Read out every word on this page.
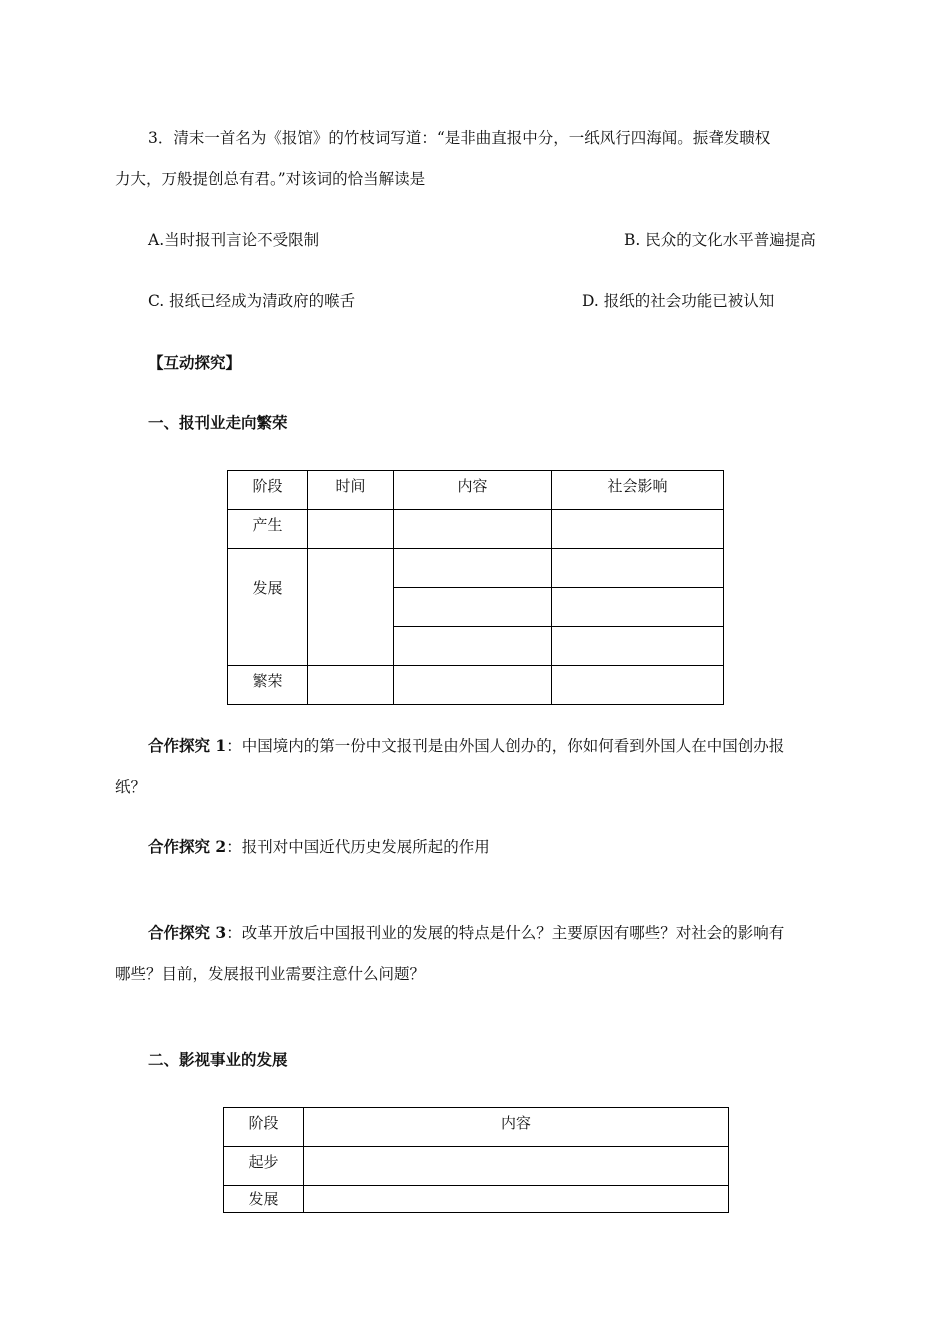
3．清末一首名为《报馆》的竹枝词写道：“是非曲直报中分，一纸风行四海闻。振聋发聩权
力大，万般提创总有君。”对该词的恰当解读是
A.当时报刊言论不受限制	B. 民众的文化水平普遍提高
C. 报纸已经成为清政府的喉舌	D. 报纸的社会功能已被认知
【互动探究】
一、报刊业走向繁荣
阶段	时间	内容	社会影响
产生			
发展			

繁荣			
合作探究 1：中国境内的第一份中文报刊是由外国人创办的，你如何看到外国人在中国创办报
纸？
合作探究 2：报刊对中国近代历史发展所起的作用
合作探究 3：改革开放后中国报刊业的发展的特点是什么？主要原因有哪些？对社会的影响有
哪些？目前，发展报刊业需要注意什么问题？
二、影视事业的发展
阶段	内容
起步	
发展	
